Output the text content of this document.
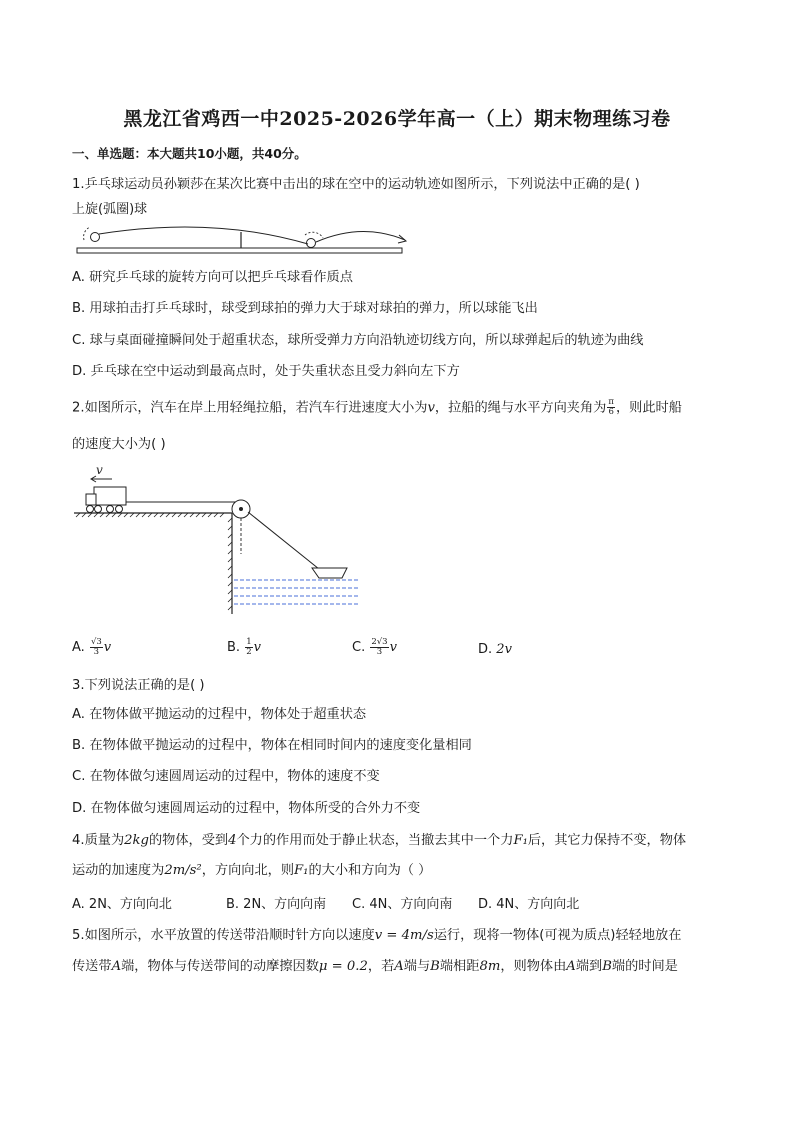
黑龙江省鸡西一中2025-2026学年高一（上）期末物理练习卷
一、单选题：本大题共10小题，共40分。
1.乒乓球运动员孙颖莎在某次比赛中击出的球在空中的运动轨迹如图所示，下列说法中正确的是( )
上旋(弧圈)球
A. 研究乒乓球的旋转方向可以把乒乓球看作质点
B. 用球拍击打乒乓球时，球受到球拍的弹力大于球对球拍的弹力，所以球能飞出
C. 球与桌面碰撞瞬间处于超重状态，球所受弹力方向沿轨迹切线方向，所以球弹起后的轨迹为曲线
D. 乒乓球在空中运动到最高点时，处于失重状态且受力斜向左下方
2.如图所示，汽车在岸上用轻绳拉船，若汽车行进速度大小为v，拉船的绳与水平方向夹角为 $\frac{\pi}{6}$ ，则此时船
的速度大小为( )
v
A. $\frac{√3}{3}$ v	B. $\frac{1}{2}$ v	C. $\frac{2√3}{3}$ v	D. 2v
3.下列说法正确的是( )
A. 在物体做平抛运动的过程中，物体处于超重状态
B. 在物体做平抛运动的过程中，物体在相同时间内的速度变化量相同
C. 在物体做匀速圆周运动的过程中，物体的速度不变
D. 在物体做匀速圆周运动的过程中，物体所受的合外力不变
4.质量为2kg的物体，受到4个力的作用而处于静止状态，当撤去其中一个力F₁后，其它力保持不变，物体
运动的加速度为2m/s²，方向向北，则F₁的大小和方向为（ ）
A. 2N、方向向北	B. 2N、方向向南 C. 4N、方向向南 D. 4N、方向向北
5.如图所示，水平放置的传送带沿顺时针方向以速度v = 4m/s运行，现将一物体(可视为质点)轻轻地放在
传送带A端，物体与传送带间的动摩擦因数μ = 0.2，若A端与B端相距8m，则物体由A端到B端的时间是
